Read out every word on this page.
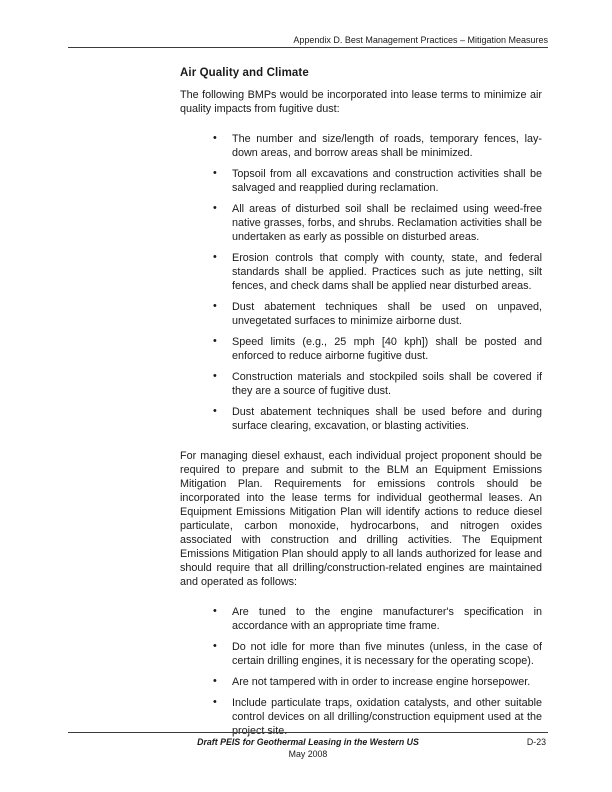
Appendix D. Best Management Practices – Mitigation Measures
Air Quality and Climate

The following BMPs would be incorporated into lease terms to minimize air quality impacts from fugitive dust:

• The number and size/length of roads, temporary fences, lay-down areas, and borrow areas shall be minimized.
• Topsoil from all excavations and construction activities shall be salvaged and reapplied during reclamation.
• All areas of disturbed soil shall be reclaimed using weed-free native grasses, forbs, and shrubs. Reclamation activities shall be undertaken as early as possible on disturbed areas.
• Erosion controls that comply with county, state, and federal standards shall be applied. Practices such as jute netting, silt fences, and check dams shall be applied near disturbed areas.
• Dust abatement techniques shall be used on unpaved, unvegetated surfaces to minimize airborne dust.
• Speed limits (e.g., 25 mph [40 kph]) shall be posted and enforced to reduce airborne fugitive dust.
• Construction materials and stockpiled soils shall be covered if they are a source of fugitive dust.
• Dust abatement techniques shall be used before and during surface clearing, excavation, or blasting activities.

For managing diesel exhaust, each individual project proponent should be required to prepare and submit to the BLM an Equipment Emissions Mitigation Plan. Requirements for emissions controls should be incorporated into the lease terms for individual geothermal leases. An Equipment Emissions Mitigation Plan will identify actions to reduce diesel particulate, carbon monoxide, hydrocarbons, and nitrogen oxides associated with construction and drilling activities. The Equipment Emissions Mitigation Plan should apply to all lands authorized for lease and should require that all drilling/construction-related engines are maintained and operated as follows:

• Are tuned to the engine manufacturer's specification in accordance with an appropriate time frame.
• Do not idle for more than five minutes (unless, in the case of certain drilling engines, it is necessary for the operating scope).
• Are not tampered with in order to increase engine horsepower.
• Include particulate traps, oxidation catalysts, and other suitable control devices on all drilling/construction equipment used at the project site.
Draft PEIS for Geothermal Leasing in the Western US	D-23
May 2008
